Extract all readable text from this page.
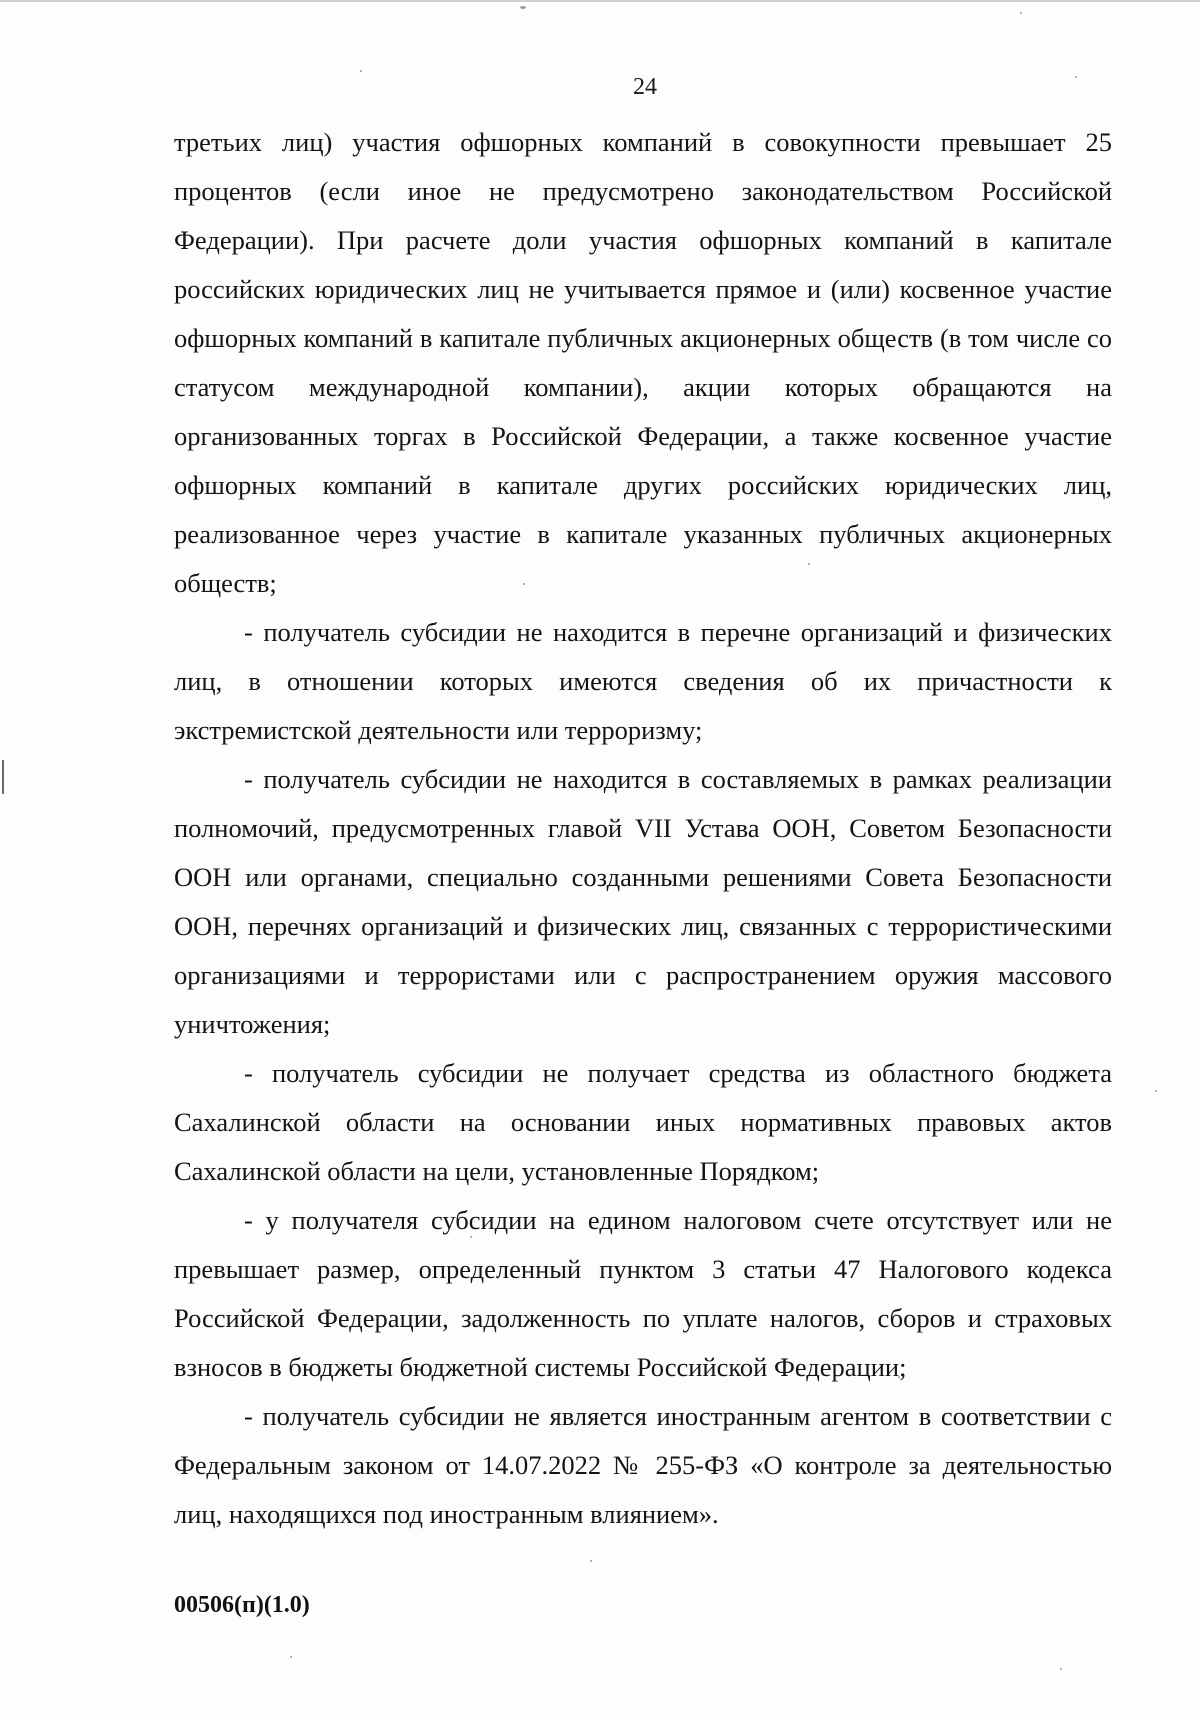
24

третьих лиц) участия офшорных компаний в совокупности превышает 25 процентов (если иное не предусмотрено законодательством Российской Федерации). При расчете доли участия офшорных компаний в капитале российских юридических лиц не учитывается прямое и (или) косвенное участие офшорных компаний в капитале публичных акционерных обществ (в том числе со статусом международной компании), акции которых обращаются на организованных торгах в Российской Федерации, а также косвенное участие офшорных компаний в капитале других российских юридических лиц, реализованное через участие в капитале указанных публичных акционерных обществ;

- получатель субсидии не находится в перечне организаций и физических лиц, в отношении которых имеются сведения об их причастности к экстремистской деятельности или терроризму;

- получатель субсидии не находится в составляемых в рамках реализации полномочий, предусмотренных главой VII Устава ООН, Советом Безопасности ООН или органами, специально созданными решениями Совета Безопасности ООН, перечнях организаций и физических лиц, связанных с террористическими организациями и террористами или с распространением оружия массового уничтожения;

- получатель субсидии не получает средства из областного бюджета Сахалинской области на основании иных нормативных правовых актов Сахалинской области на цели, установленные Порядком;

- у получателя субсидии на едином налоговом счете отсутствует или не превышает размер, определенный пунктом 3 статьи 47 Налогового кодекса Российской Федерации, задолженность по уплате налогов, сборов и страховых взносов в бюджеты бюджетной системы Российской Федерации;

- получатель субсидии не является иностранным агентом в соответствии с Федеральным законом от 14.07.2022 № 255-ФЗ «О контроле за деятельностью лиц, находящихся под иностранным влиянием».

00506(п)(1.0)
